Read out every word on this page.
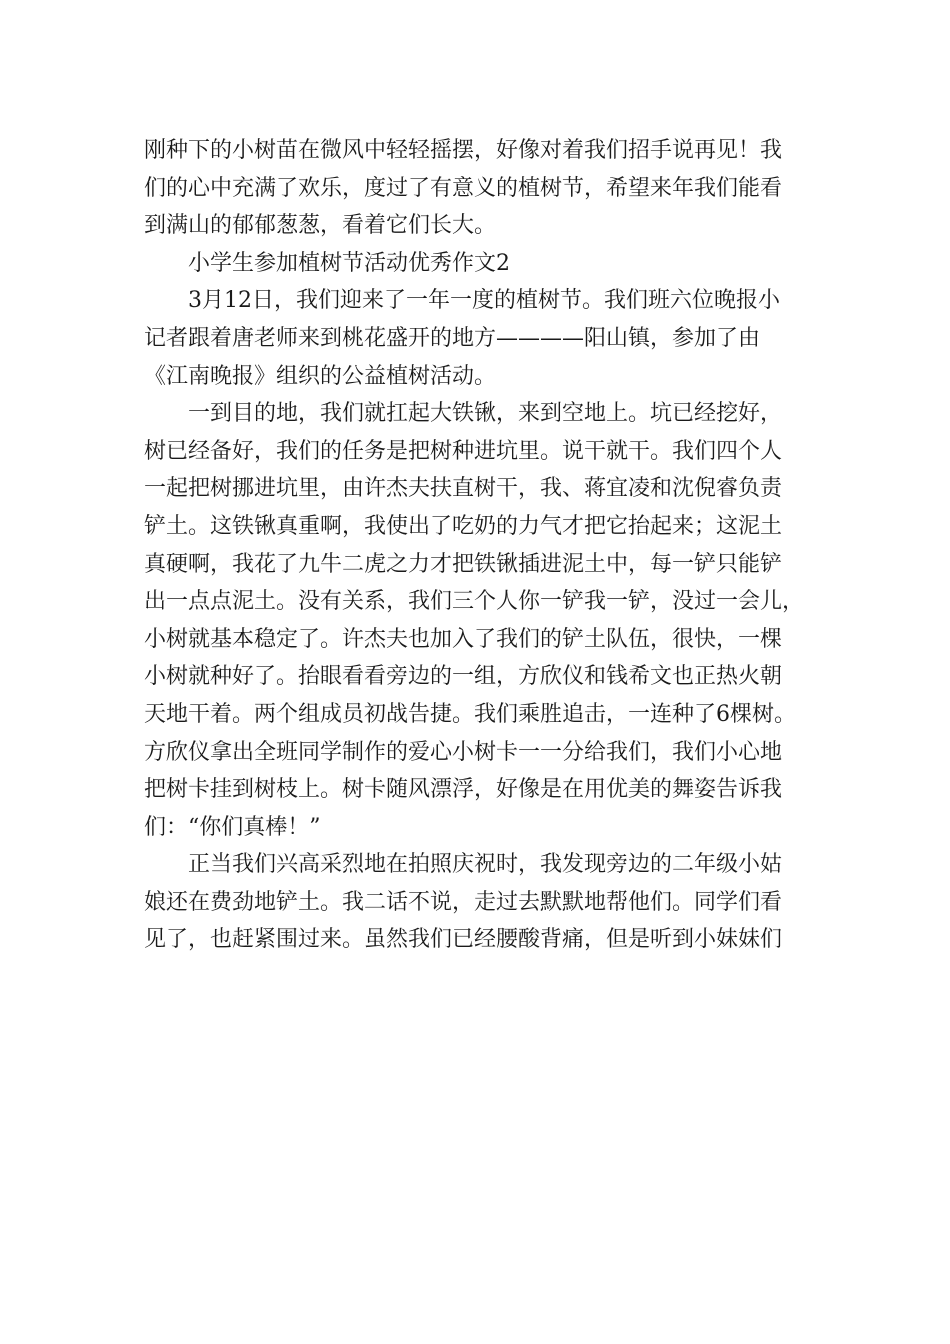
刚种下的小树苗在微风中轻轻摇摆，好像对着我们招手说再见！我

们的心中充满了欢乐，度过了有意义的植树节，希望来年我们能看

到满山的郁郁葱葱，看着它们长大。

　　小学生参加植树节活动优秀作文2

　　3月12日，我们迎来了一年一度的植树节。我们班六位晚报小

记者跟着唐老师来到桃花盛开的地方————阳山镇，参加了由

《江南晚报》组织的公益植树活动。

　　一到目的地，我们就扛起大铁锹，来到空地上。坑已经挖好，

树已经备好，我们的任务是把树种进坑里。说干就干。我们四个人

一起把树挪进坑里，由许杰夫扶直树干，我、蒋宜凌和沈倪睿负责

铲土。这铁锹真重啊，我使出了吃奶的力气才把它抬起来；这泥土

真硬啊，我花了九牛二虎之力才把铁锹插进泥土中，每一铲只能铲

出一点点泥土。没有关系，我们三个人你一铲我一铲，没过一会儿，

小树就基本稳定了。许杰夫也加入了我们的铲土队伍，很快，一棵

小树就种好了。抬眼看看旁边的一组，方欣仪和钱希文也正热火朝

天地干着。两个组成员初战告捷。我们乘胜追击，一连种了6棵树。

方欣仪拿出全班同学制作的爱心小树卡一一分给我们，我们小心地

把树卡挂到树枝上。树卡随风漂浮，好像是在用优美的舞姿告诉我

们：“你们真棒！”

　　正当我们兴高采烈地在拍照庆祝时，我发现旁边的二年级小姑

娘还在费劲地铲土。我二话不说，走过去默默地帮他们。同学们看

见了，也赶紧围过来。虽然我们已经腰酸背痛，但是听到小妹妹们
